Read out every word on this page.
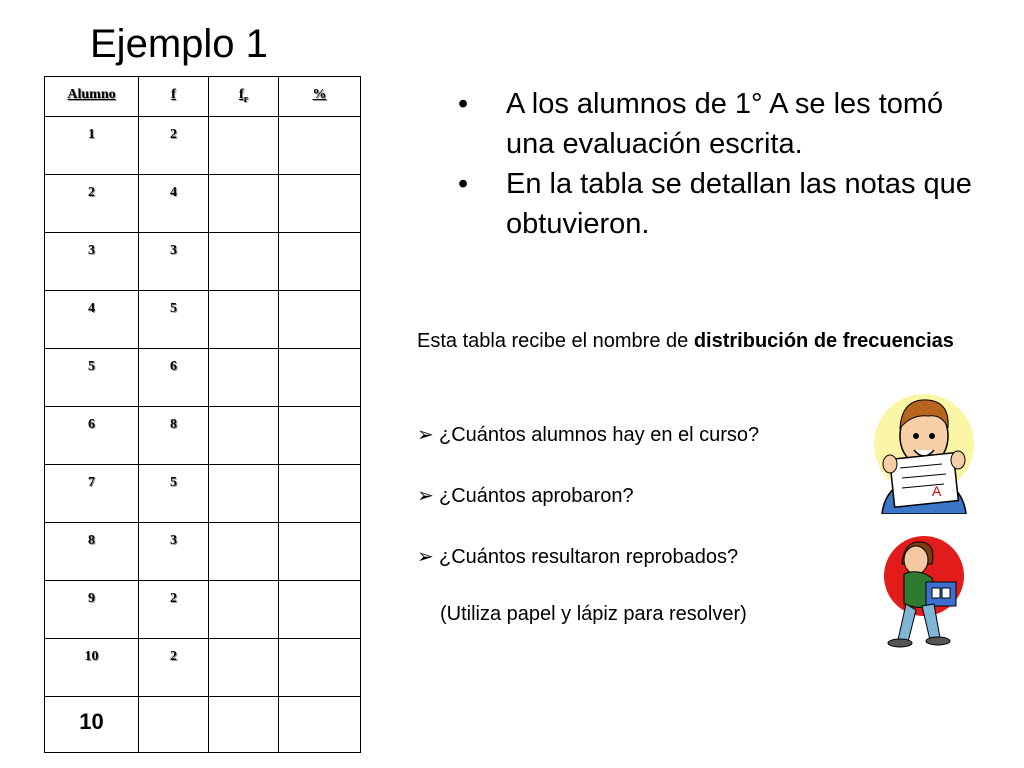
Ejemplo 1
Alumno	f	$f_r$	%
1	2		
2	4		
3	3		
4	5		
5	6		
6	8		
7	5		
8	3		
9	2		
10	2		
10			
• A los alumnos de 1° A se les tomó una evaluación escrita.
• En la tabla se detallan las notas que obtuvieron.

Esta tabla recibe el nombre de distribución de frecuencias

➢ ¿Cuántos alumnos hay en el curso?
➢ ¿Cuántos aprobaron?
➢ ¿Cuántos resultaron reprobados?
(Utiliza papel y lápiz para resolver)
A
